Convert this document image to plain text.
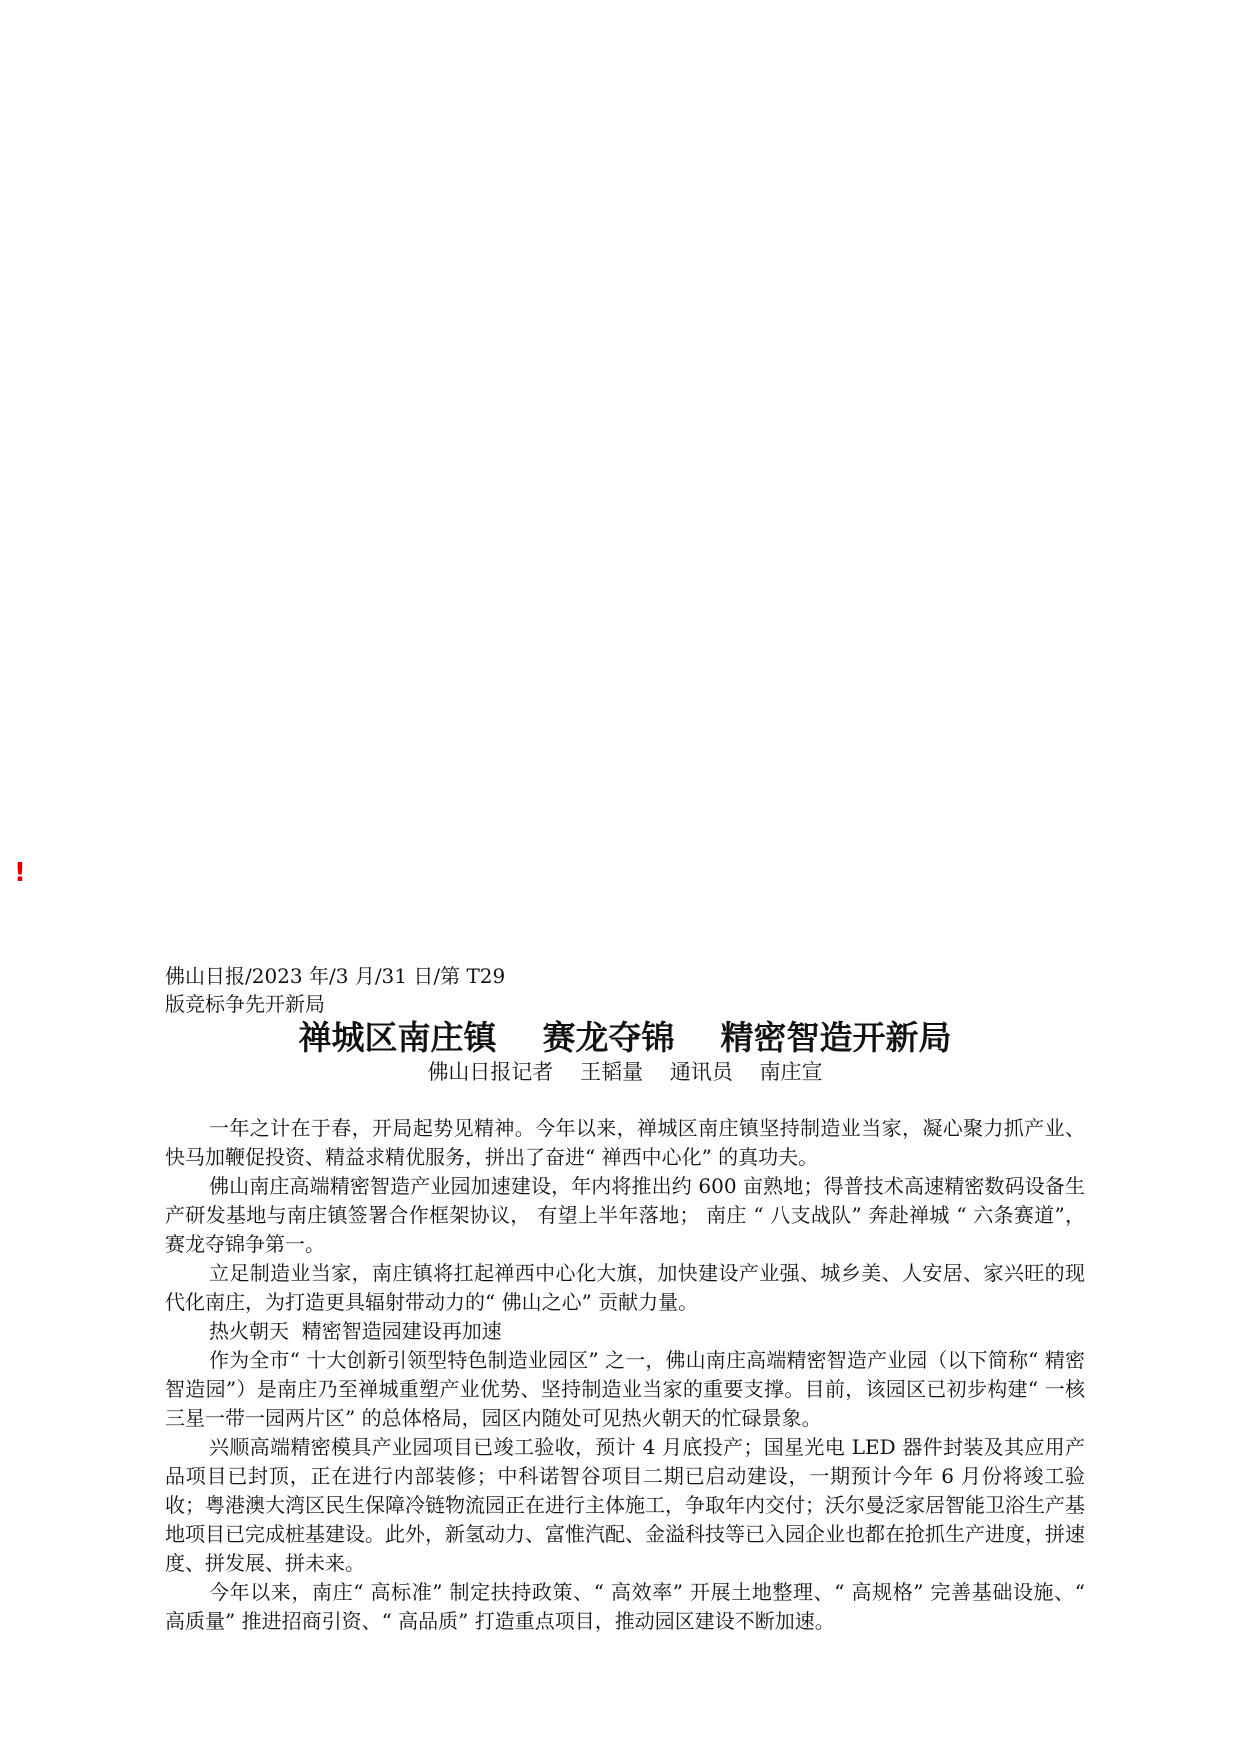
!
佛山日报/2023 年/3 月/31 日/第 T29
版竞标争先开新局
禅城区南庄镇    赛龙夺锦    精密智造开新局
佛山日报记者    王韬量    通讯员    南庄宣

一年之计在于春，开局起势见精神。今年以来，禅城区南庄镇坚持制造业当家，凝心聚力抓产业、快马加鞭促投资、精益求精优服务，拼出了奋进“ 禅西中心化” 的真功夫。

佛山南庄高端精密智造产业园加速建设，年内将推出约 600 亩熟地；得普技术高速精密数码设备生产研发基地与南庄镇签署合作框架协议， 有望上半年落地； 南庄 “ 八支战队” 奔赴禅城 “ 六条赛道”，赛龙夺锦争第一。

立足制造业当家，南庄镇将扛起禅西中心化大旗，加快建设产业强、城乡美、人安居、家兴旺的现代化南庄，为打造更具辐射带动力的“ 佛山之心” 贡献力量。

热火朝天  精密智造园建设再加速

作为全市“ 十大创新引领型特色制造业园区” 之一，佛山南庄高端精密智造产业园（以下简称“ 精密智造园”）是南庄乃至禅城重塑产业优势、坚持制造业当家的重要支撑。目前，该园区已初步构建“ 一核三星一带一园两片区” 的总体格局，园区内随处可见热火朝天的忙碌景象。

兴顺高端精密模具产业园项目已竣工验收，预计 4 月底投产；国星光电 LED 器件封装及其应用产品项目已封顶，正在进行内部装修；中科诺智谷项目二期已启动建设，一期预计今年 6 月份将竣工验收；粤港澳大湾区民生保障冷链物流园正在进行主体施工，争取年内交付；沃尔曼泛家居智能卫浴生产基地项目已完成桩基建设。此外，新氢动力、富惟汽配、金溢科技等已入园企业也都在抢抓生产进度，拼速度、拼发展、拼未来。

今年以来，南庄“ 高标准” 制定扶持政策、“ 高效率” 开展土地整理、“ 高规格” 完善基础设施、“ 高质量” 推进招商引资、“ 高品质” 打造重点项目，推动园区建设不断加速。
